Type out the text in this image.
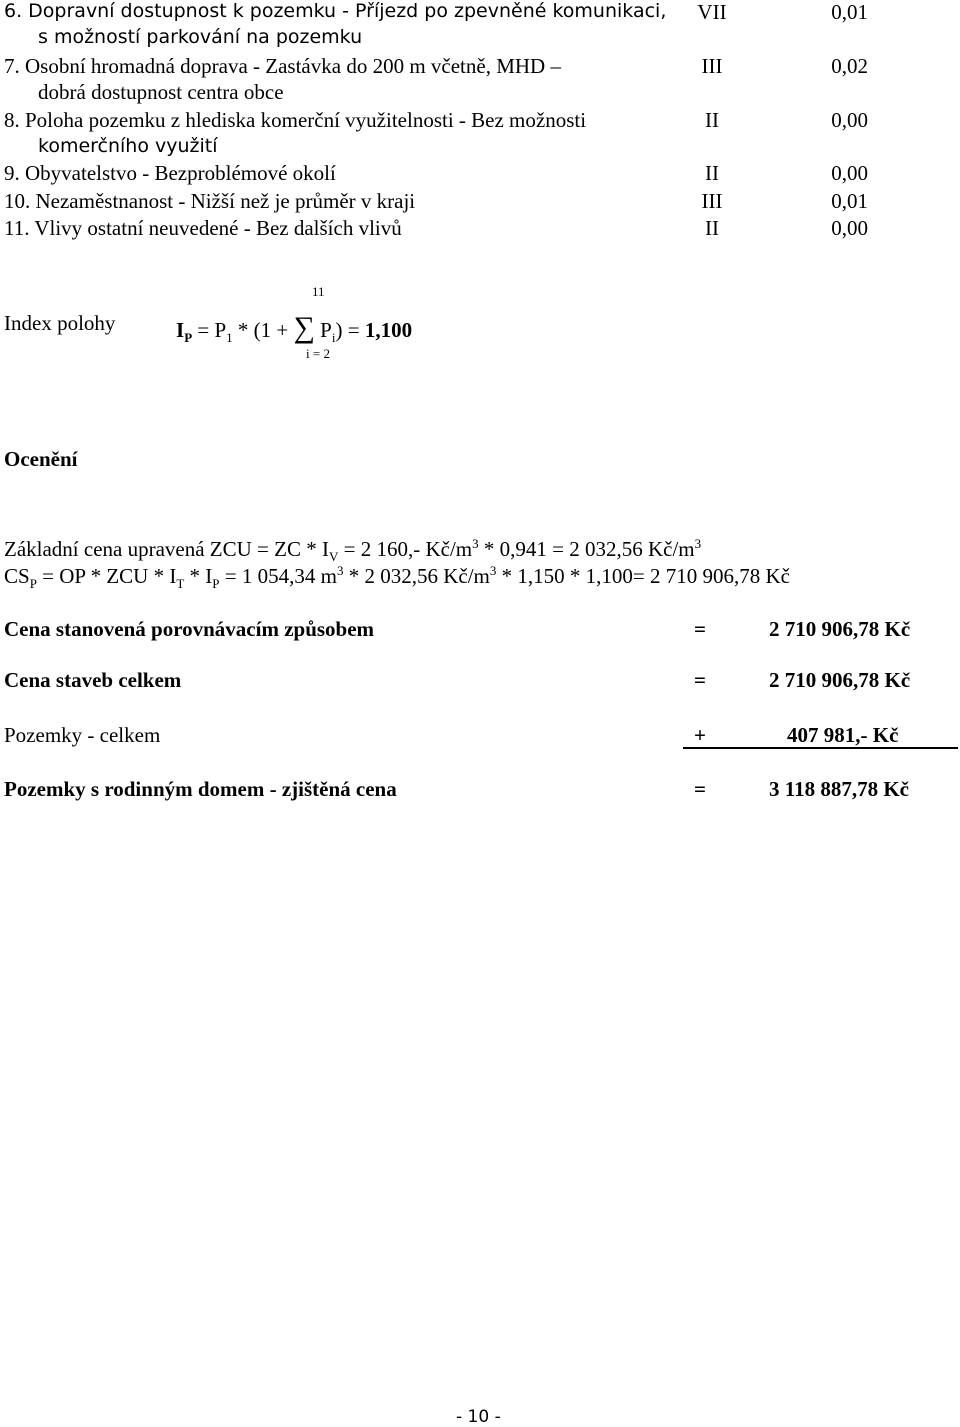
6. Dopravní dostupnost k pozemku - Příjezd po zpevněné komunikaci,
s možností parkování na pozemku
VII	0,01
7. Osobní hromadná doprava - Zastávka do 200 m včetně, MHD –
dobrá dostupnost centra obce
III	0,02
8. Poloha pozemku z hlediska komerční využitelnosti - Bez možnosti
komerčního využití
II	0,00
9. Obyvatelstvo - Bezproblémové okolí	II	0,00
10. Nezaměstnanost - Nižší než je průměr v kraji	III	0,01
11. Vlivy ostatní neuvedené - Bez dalších vlivů	II	0,00
11
Index polohy	$I_P = P_1 * (1$ + ∑ $P_i) = 1,100$
i = 2
Ocenění
Základní cena upravená ZCU = ZC * $I_V = 2$ 160,- $Kč/m^3 * 0,941 = 2$ 032,56 $Kč/m^3$
$CS_P$ = OP * ZCU * $I_T * I_P = 1$ 054,34 $m^3 * 2$ 032,56 $Kč/m^3 * 1,150 * 1,100= 2$ 710 906,78 Kč
Cena stanovená porovnávacím způsobem	=	2 710 906,78 Kč
Cena staveb celkem	=	2 710 906,78 Kč
Pozemky - celkem	+	407 981,- Kč
Pozemky s rodinným domem - zjištěná cena	=	3 118 887,78 Kč
- 10 -
